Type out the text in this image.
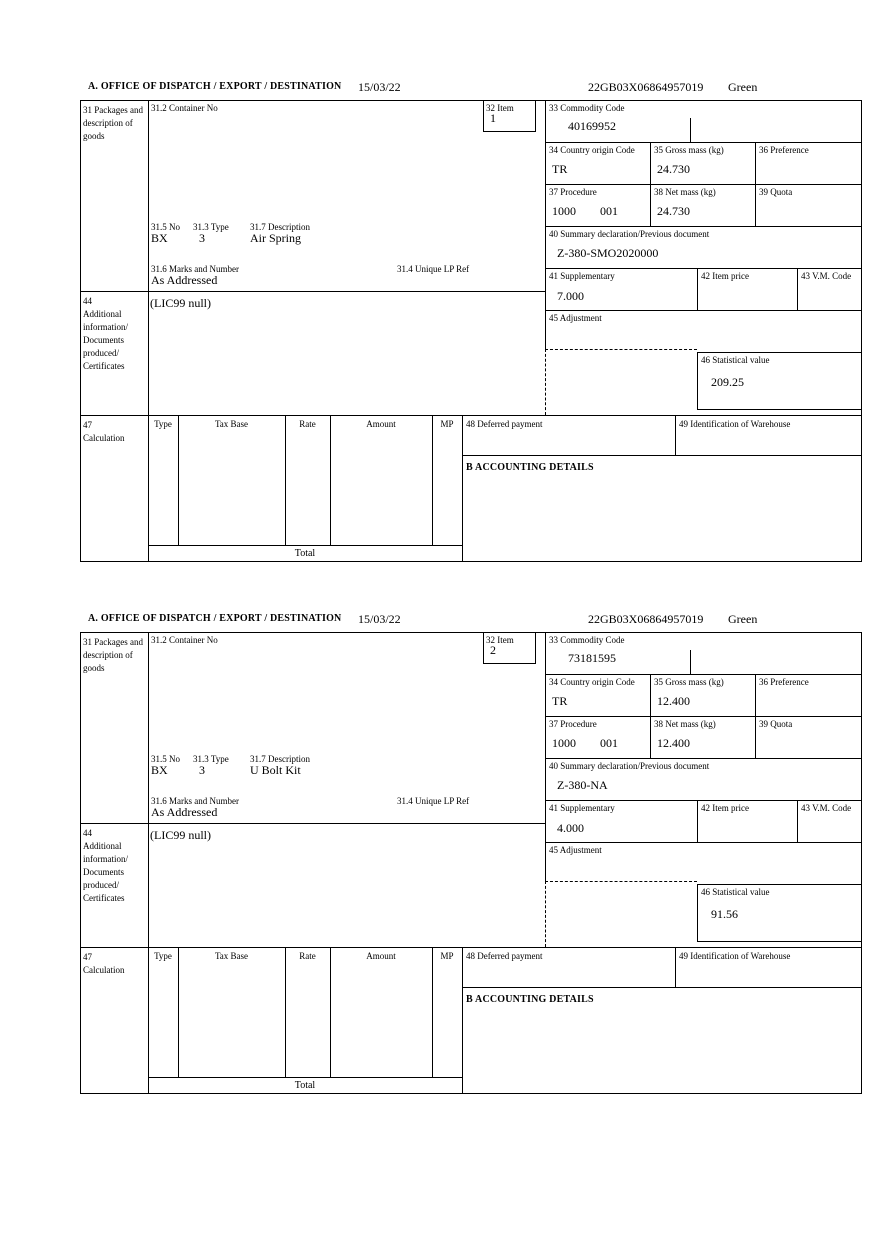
A. OFFICE OF DISPATCH / EXPORT / DESTINATION 15/03/22	22GB03X06864957019 Green
31 Packages and description of goods
44
Additional information/ Documents produced/ Certificates
47
Calculation
31.2 Container No	32 Item
1
33 Commodity Code
40169952
34 Country origin Code
TR
35 Gross mass (kg)
24.730
36 Preference
37 Procedure
1000 001
38 Net mass (kg)
24.730
39 Quota
31.5 No 31.3 Type 31.7 Description
BX	3	Air Spring	40 Summary declaration/Previous document
Z-380-SMO2020000
31.6 Marks and Number	31.4 Unique LP Ref
As Addressed	41 Supplementary
7.000
42 Item price	43 V.M. Code
(LIC99 null)
45 Adjustment
46 Statistical value
209.25
Type	Tax Base	Rate	Amount	MP	48 Deferred payment	49 Identification of Warehouse
B ACCOUNTING DETAILS
Total
A. OFFICE OF DISPATCH / EXPORT / DESTINATION 15/03/22	22GB03X06864957019 Green
31 Packages and description of goods
44
Additional information/ Documents produced/ Certificates
47
Calculation
31.2 Container No	32 Item
2
33 Commodity Code
73181595
34 Country origin Code
TR
35 Gross mass (kg)
12.400
36 Preference
37 Procedure
1000 001
38 Net mass (kg)
12.400
39 Quota
31.5 No 31.3 Type 31.7 Description
BX	3	U Bolt Kit	40 Summary declaration/Previous document
Z-380-NA
31.6 Marks and Number	31.4 Unique LP Ref
As Addressed	41 Supplementary
4.000
42 Item price	43 V.M. Code
(LIC99 null)
45 Adjustment
46 Statistical value
91.56
Type	Tax Base	Rate	Amount	MP	48 Deferred payment	49 Identification of Warehouse
B ACCOUNTING DETAILS
Total
